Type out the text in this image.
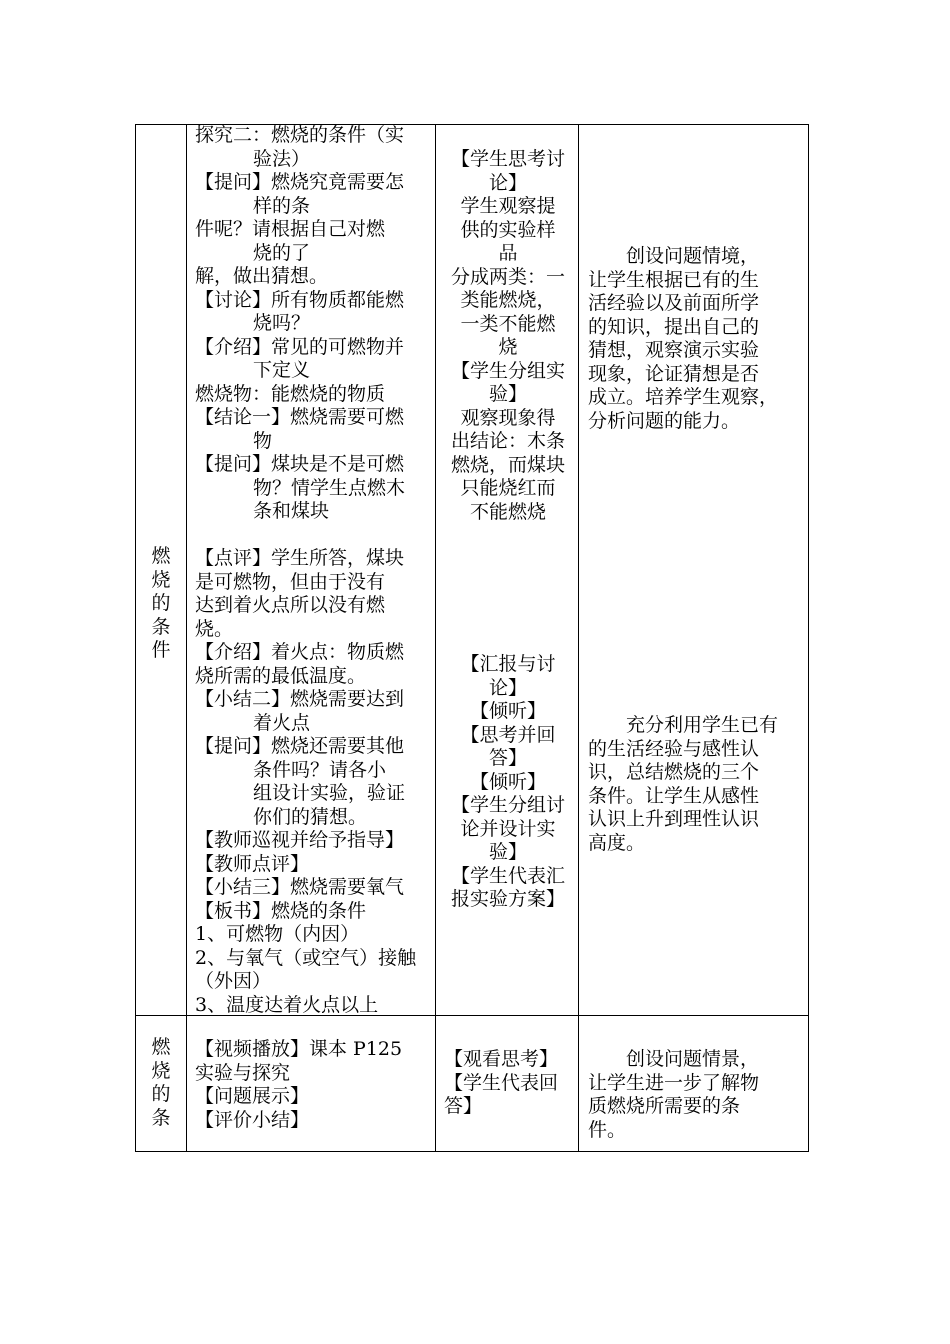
燃
烧
的
条
件

探究二：燃烧的条件（实

验法）

【提问】燃烧究竟需要怎

样的条

件呢？请根据自己对燃

烧的了

解，做出猜想。

【讨论】所有物质都能燃

烧吗？

【介绍】常见的可燃物并

下定义

燃烧物：能燃烧的物质

【结论一】燃烧需要可燃

物

【提问】煤块是不是可燃

物？情学生点燃木

条和煤块

【点评】学生所答，煤块

是可燃物，但由于没有

达到着火点所以没有燃

烧。

【介绍】着火点：物质燃

烧所需的最低温度。

【小结二】燃烧需要达到

着火点

【提问】燃烧还需要其他

条件吗？请各小

组设计实验，验证

你们的猜想。

【教师巡视并给予指导】

【教师点评】

【小结三】燃烧需要氧气

【板书】燃烧的条件

1、可燃物（内因）

2、与氧气（或空气）接触

（外因）

3、温度达着火点以上

【学生思考讨

论】

学生观察提

供的实验样

品

分成两类：一

类能燃烧，

一类不能燃

烧

【学生分组实

验】

观察现象得

出结论：木条

燃烧，而煤块

只能烧红而

不能燃烧

【汇报与讨

论】

【倾听】

【思考并回

答】

【倾听】

【学生分组讨

论并设计实

验】

【学生代表汇

报实验方案】

创设问题情境，

让学生根据已有的生

活经验以及前面所学

的知识，提出自己的

猜想，观察演示实验

现象，论证猜想是否

成立。培养学生观察，

分析问题的能力。

充分利用学生已有

的生活经验与感性认

识，总结燃烧的三个

条件。让学生从感性

认识上升到理性认识

高度。

燃
烧
的
条

【视频播放】课本 P125

实验与探究

【问题展示】

【评价小结】

【观看思考】

【学生代表回

答】

创设问题情景，

让学生进一步了解物

质燃烧所需要的条

件。
